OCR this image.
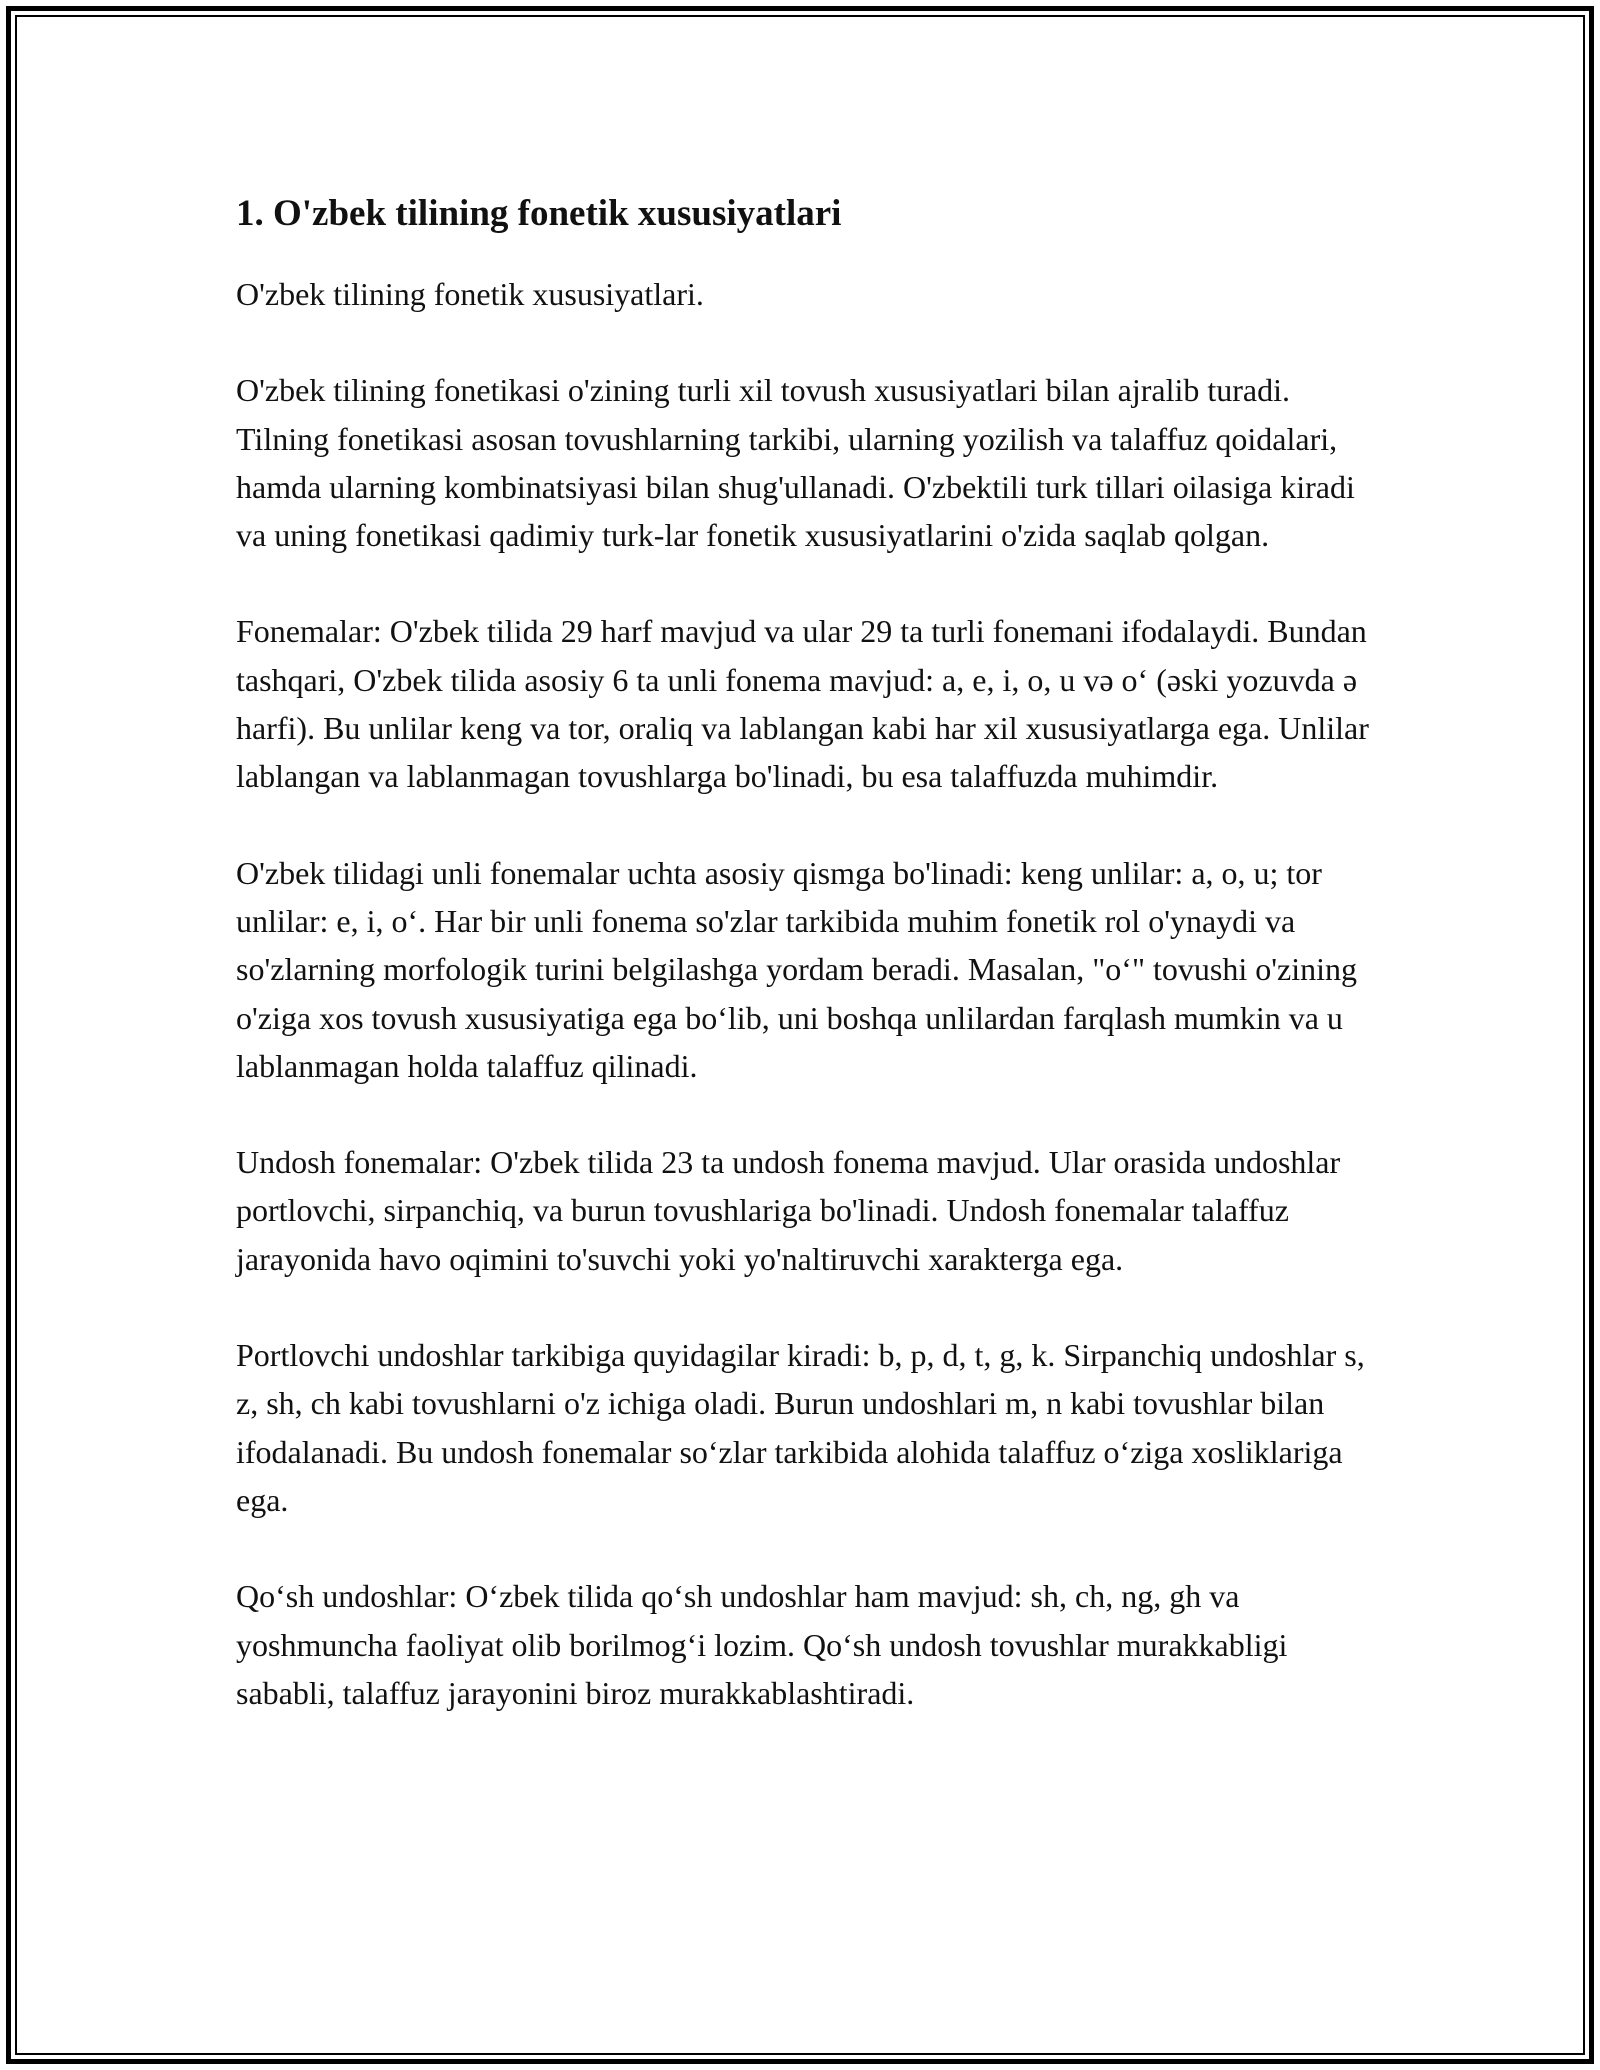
1. O'zbek tilining fonetik xususiyatlari

O'zbek tilining fonetik xususiyatlari.

O'zbek tilining fonetikasi o'zining turli xil tovush xususiyatlari bilan ajralib turadi. Tilning fonetikasi asosan tovushlarning tarkibi, ularning yozilish va talaffuz qoidalari, hamda ularning kombinatsiyasi bilan shug'ullanadi. O'zbektili turk tillari oilasiga kiradi va uning fonetikasi qadimiy turk-lar fonetik xususiyatlarini o'zida saqlab qolgan.

Fonemalar: O'zbek tilida 29 harf mavjud va ular 29 ta turli fonemani ifodalaydi. Bundan tashqari, O'zbek tilida asosiy 6 ta unli fonema mavjud: a, e, i, o, u və o‘ (əski yozuvda ə harfi). Bu unlilar keng va tor, oraliq va lablangan kabi har xil xususiyatlarga ega. Unlilar lablangan va lablanmagan tovushlarga bo'linadi, bu esa talaffuzda muhimdir.

O'zbek tilidagi unli fonemalar uchta asosiy qismga bo'linadi: keng unlilar: a, o, u; tor unlilar: e, i, o‘. Har bir unli fonema so'zlar tarkibida muhim fonetik rol o'ynaydi va so'zlarning morfologik turini belgilashga yordam beradi. Masalan, "o‘" tovushi o'zining o'ziga xos tovush xususiyatiga ega bo‘lib, uni boshqa unlilardan farqlash mumkin va u lablanmagan holda talaffuz qilinadi.

Undosh fonemalar: O'zbek tilida 23 ta undosh fonema mavjud. Ular orasida undoshlar portlovchi, sirpanchiq, va burun tovushlariga bo'linadi. Undosh fonemalar talaffuz jarayonida havo oqimini to'suvchi yoki yo'naltiruvchi xarakterga ega.

Portlovchi undoshlar tarkibiga quyidagilar kiradi: b, p, d, t, g, k. Sirpanchiq undoshlar s, z, sh, ch kabi tovushlarni o'z ichiga oladi. Burun undoshlari m, n kabi tovushlar bilan ifodalanadi. Bu undosh fonemalar so‘zlar tarkibida alohida talaffuz o‘ziga xosliklariga ega.

Qo‘sh undoshlar: O‘zbek tilida qo‘sh undoshlar ham mavjud: sh, ch, ng, gh va yoshmuncha faoliyat olib borilmog‘i lozim. Qo‘sh undosh tovushlar murakkabligi sababli, talaffuz jarayonini biroz murakkablashtiradi.
